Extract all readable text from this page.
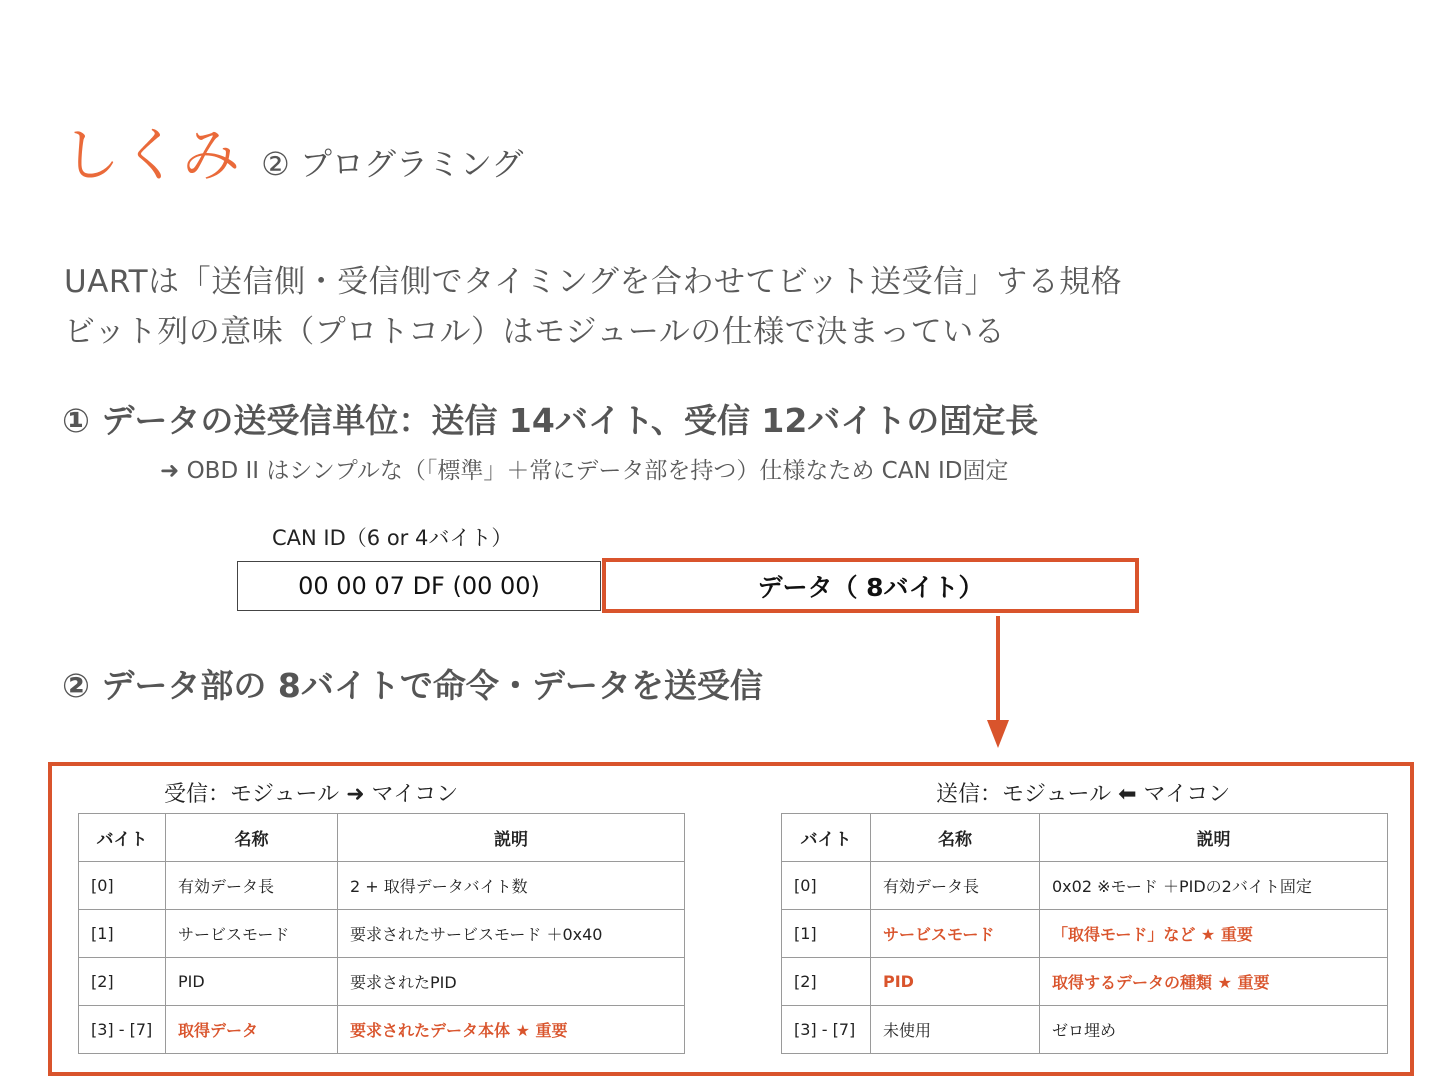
しくみ ② プログラミング
UARTは「送信側・受信側でタイミングを合わせてビット送受信」する規格
ビット列の意味（プロトコル）はモジュールの仕様で決まっている
① データの送受信単位：送信 14バイト、受信 12バイトの固定長
➜ OBD II はシンプルな（「標準」＋常にデータ部を持つ）仕様なため CAN ID固定
CAN ID（6 or 4バイト）
00 00 07 DF (00 00)	データ（ 8バイト）
② データ部の 8バイトで命令・データを送受信
受信：モジュール ➜ マイコン	送信：モジュール ⬅ マイコン
バイト	名称	説明
[0]	有効データ長	2 + 取得データバイト数
[1]	サービスモード	要求されたサービスモード ＋0x40
[2]	PID	要求されたPID
[3] - [7]	取得データ	要求されたデータ本体 ★ 重要
バイト	名称	説明
[0]	有効データ長	0x02 ※モード ＋PIDの2バイト固定
[1]	サービスモード	「取得モード」など ★ 重要
[2]	PID	取得するデータの種類 ★ 重要
[3] - [7]	未使用	ゼロ埋め
